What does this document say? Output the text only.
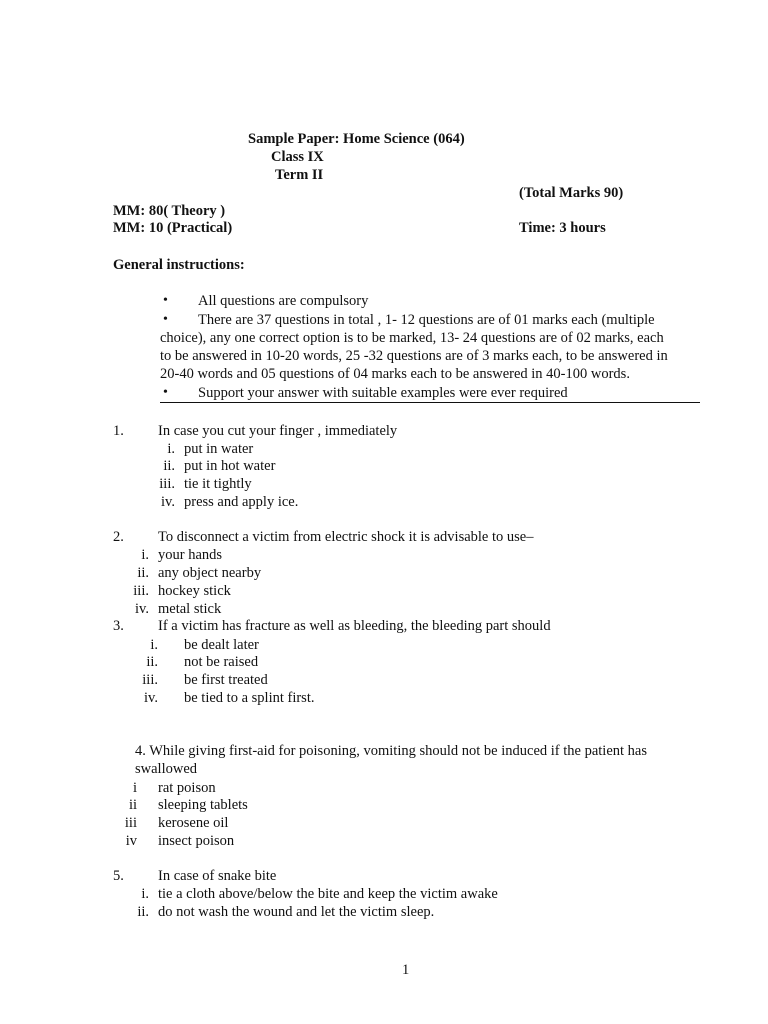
Sample Paper: Home Science (064)
Class IX
Term II
(Total Marks 90)
MM: 80( Theory )
MM: 10 (Practical)	Time: 3 hours
General instructions:
• All questions are compulsory
• There are 37 questions in total , 1- 12 questions are of 01 marks each (multiple
choice), any one correct option is to be marked, 13- 24 questions are of 02 marks, each
to be answered in 10-20 words, 25 -32 questions are of 3 marks each, to be answered in
20-40 words and 05 questions of 04 marks each to be answered in 40-100 words.
• Support your answer with suitable examples were ever required
1. In case you cut your finger , immediately
i. put in water
ii. put in hot water
iii. tie it tightly
iv. press and apply ice.
2. To disconnect a victim from electric shock it is advisable to use–
i. your hands
ii. any object nearby
iii. hockey stick
iv. metal stick
3. If a victim has fracture as well as bleeding, the bleeding part should
i. be dealt later
ii. not be raised
iii. be first treated
iv. be tied to a splint first.
4. While giving first-aid for poisoning, vomiting should not be induced if the patient has
swallowed
i rat poison
ii sleeping tablets
iii kerosene oil
iv insect poison
5. In case of snake bite
i. tie a cloth above/below the bite and keep the victim awake
ii. do not wash the wound and let the victim sleep.
1
